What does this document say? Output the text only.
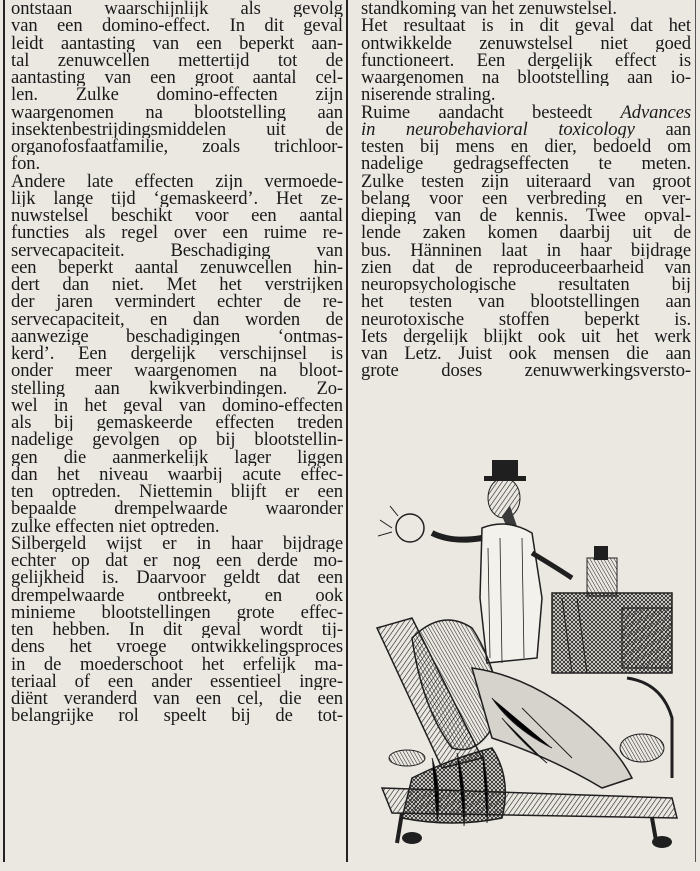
ontstaan waarschijnlijk als gevolg
van een domino-effect. In dit geval
leidt aantasting van een beperkt aan-
tal zenuwcellen mettertijd tot de
aantasting van een groot aantal cel-
len. Zulke domino-effecten zijn
waargenomen na blootstelling aan
insektenbestrijdingsmiddelen uit de
organofosfaatfamilie, zoals trichloor-
fon.
Andere late effecten zijn vermoede-
lijk lange tijd ‘gemaskeerd’. Het ze-
nuwstelsel beschikt voor een aantal
functies als regel over een ruime re-
servecapaciteit. Beschadiging van
een beperkt aantal zenuwcellen hin-
dert dan niet. Met het verstrijken
der jaren vermindert echter de re-
servecapaciteit, en dan worden de
aanwezige beschadigingen ‘ontmas-
kerd’. Een dergelijk verschijnsel is
onder meer waargenomen na bloot-
stelling aan kwikverbindingen. Zo-
wel in het geval van domino-effecten
als bij gemaskeerde effecten treden
nadelige gevolgen op bij blootstellin-
gen die aanmerkelijk lager liggen
dan het niveau waarbij acute effec-
ten optreden. Niettemin blijft er een
bepaalde drempelwaarde waaronder
zulke effecten niet optreden.
Silbergeld wijst er in haar bijdrage
echter op dat er nog een derde mo-
gelijkheid is. Daarvoor geldt dat een
drempelwaarde ontbreekt, en ook
minieme blootstellingen grote effec-
ten hebben. In dit geval wordt tij-
dens het vroege ontwikkelingsproces
in de moederschoot het erfelijk ma-
teriaal of een ander essentieel ingre-
diënt veranderd van een cel, die een
belangrijke rol speelt bij de tot-
standkoming van het zenuwstelsel.
Het resultaat is in dit geval dat het
ontwikkelde zenuwstelsel niet goed
functioneert. Een dergelijk effect is
waargenomen na blootstelling aan io-
niserende straling.
Ruime aandacht besteedt Advances
in neurobehavioral toxicology aan
testen bij mens en dier, bedoeld om
nadelige gedragseffecten te meten.
Zulke testen zijn uiteraard van groot
belang voor een verbreding en ver-
dieping van de kennis. Twee opval-
lende zaken komen daarbij uit de
bus. Hänninen laat in haar bijdrage
zien dat de reproduceerbaarheid van
neuropsychologische resultaten bij
het testen van blootstellingen aan
neurotoxische stoffen beperkt is.
Iets dergelijk blijkt ook uit het werk
van Letz. Juist ook mensen die aan
grote doses zenuwwerkingsversto-
